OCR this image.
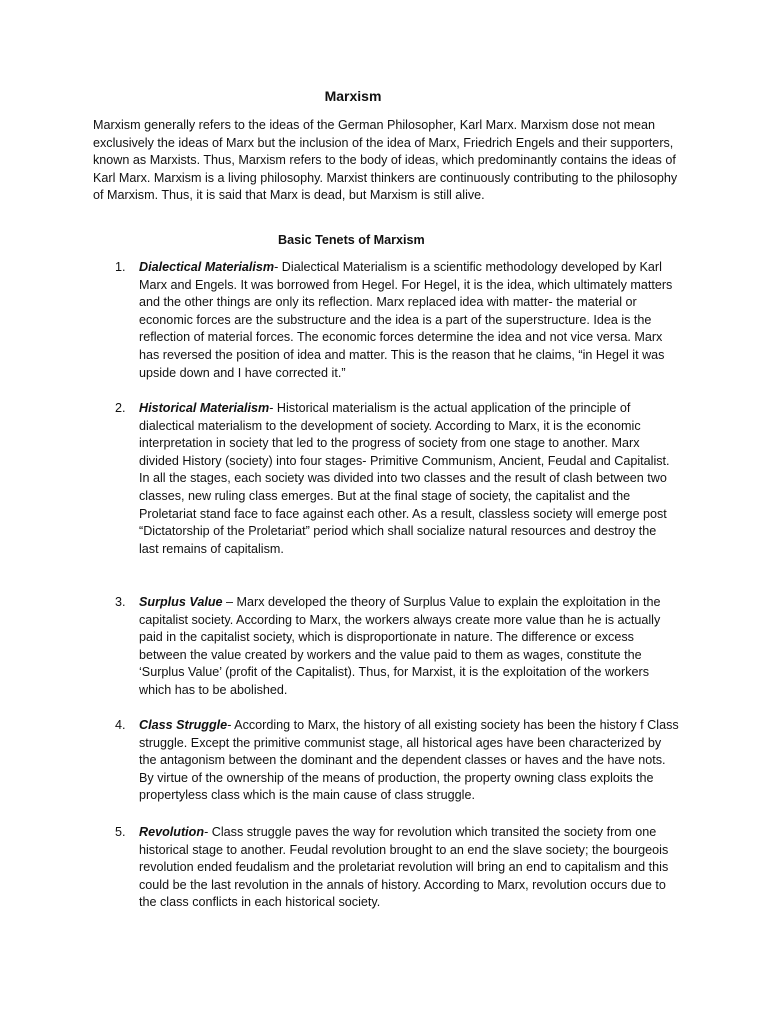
Marxism

Marxism generally refers to the ideas of the German Philosopher, Karl Marx. Marxism dose not mean exclusively the ideas of Marx but the inclusion of the idea of Marx, Friedrich Engels and their supporters, known as Marxists. Thus, Marxism refers to the body of ideas, which predominantly contains the ideas of Karl Marx. Marxism is a living philosophy. Marxist thinkers are continuously contributing to the philosophy of Marxism. Thus, it is said that Marx is dead, but Marxism is still alive.

Basic Tenets of Marxism

1.	Dialectical Materialism- Dialectical Materialism is a scientific methodology developed by Karl Marx and Engels. It was borrowed from Hegel. For Hegel, it is the idea, which ultimately matters and the other things are only its reflection. Marx replaced idea with matter- the material or economic forces are the substructure and the idea is a part of the superstructure. Idea is the reflection of material forces. The economic forces determine the idea and not vice versa. Marx has reversed the position of idea and matter. This is the reason that he claims, “in Hegel it was upside down and I have corrected it.”

2.	Historical Materialism- Historical materialism is the actual application of the principle of dialectical materialism to the development of society. According to Marx, it is the economic interpretation in society that led to the progress of society from one stage to another. Marx divided History (society) into four stages- Primitive Communism, Ancient, Feudal and Capitalist. In all the stages, each society was divided into two classes and the result of clash between two classes, new ruling class emerges. But at the final stage of society, the capitalist and the Proletariat stand face to face against each other. As a result, classless society will emerge post “Dictatorship of the Proletariat” period which shall socialize natural resources and destroy the last remains of capitalism.

3.	Surplus Value – Marx developed the theory of Surplus Value to explain the exploitation in the capitalist society. According to Marx, the workers always create more value than he is actually paid in the capitalist society, which is disproportionate in nature. The difference or excess between the value created by workers and the value paid to them as wages, constitute the ‘Surplus Value’ (profit of the Capitalist). Thus, for Marxist, it is the exploitation of the workers which has to be abolished.

4.	Class Struggle- According to Marx, the history of all existing society has been the history f Class struggle. Except the primitive communist stage, all historical ages have been characterized by the antagonism between the dominant and the dependent classes or haves and the have nots. By virtue of the ownership of the means of production, the property owning class exploits the propertyless class which is the main cause of class struggle.

5.	Revolution- Class struggle paves the way for revolution which transited the society from one historical stage to another. Feudal revolution brought to an end the slave society; the bourgeois revolution ended feudalism and the proletariat revolution will bring an end to capitalism and this could be the last revolution in the annals of history. According to Marx, revolution occurs due to the class conflicts in each historical society.
